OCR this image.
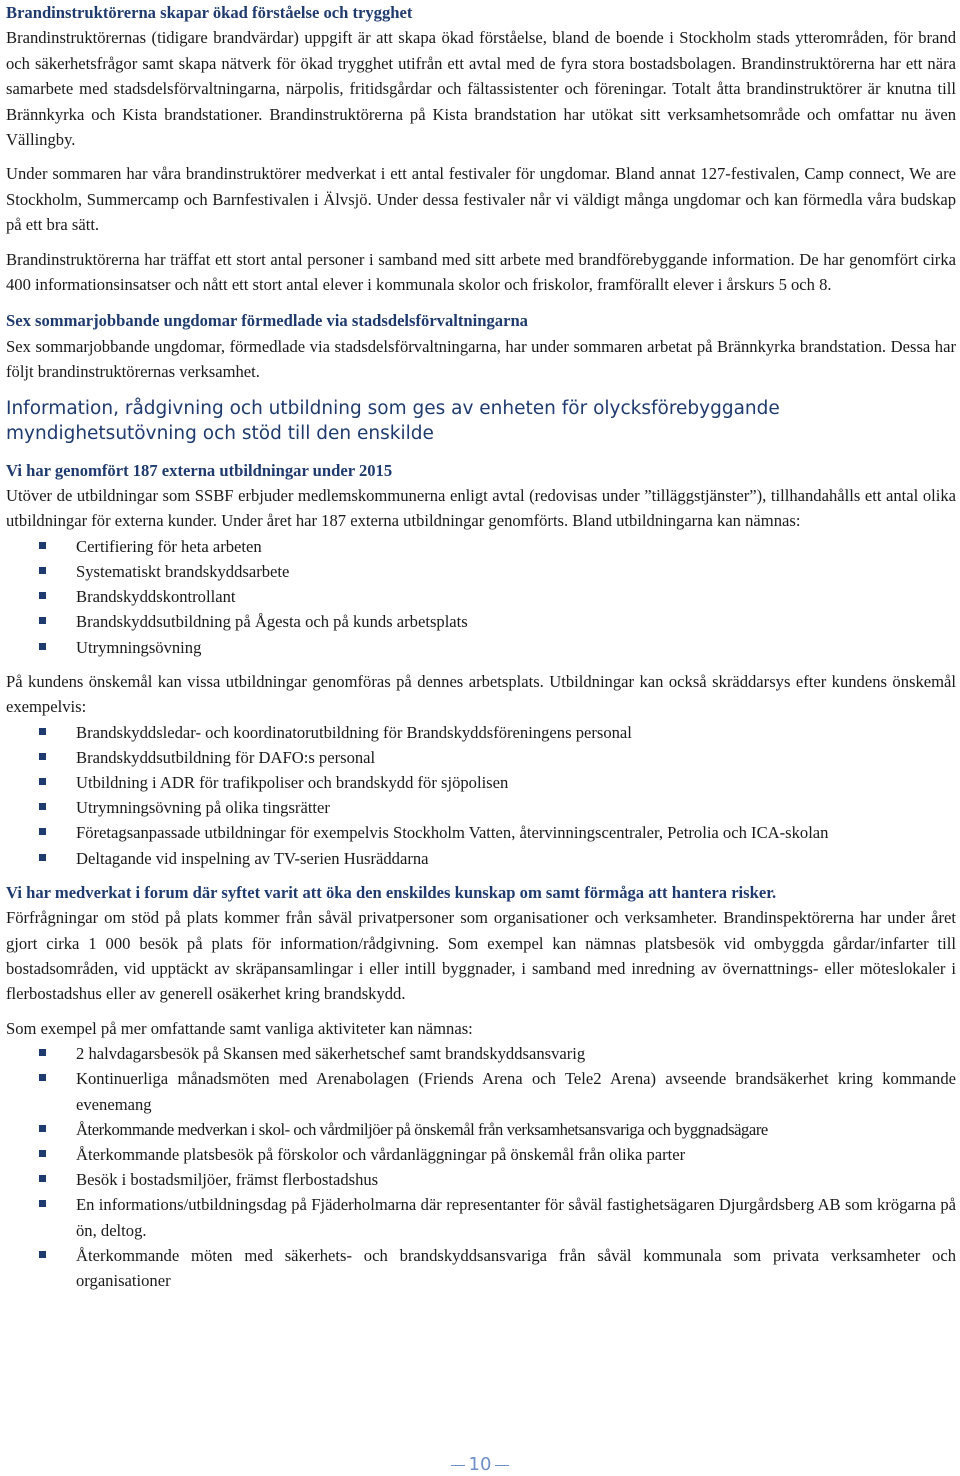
Brandinstruktörerna skapar ökad förståelse och trygghet

Brandinstruktörernas (tidigare brandvärdar) uppgift är att skapa ökad förståelse, bland de boende i Stockholm stads ytterområden, för brand och säkerhetsfrågor samt skapa nätverk för ökad trygghet utifrån ett avtal med de fyra stora bostadsbolagen. Brandinstruktörerna har ett nära samarbete med stadsdelsförvaltningarna, närpolis, fritidsgårdar och fältassistenter och föreningar. Totalt åtta brandinstruktörer är knutna till Brännkyrka och Kista brandstationer. Brandinstruktörerna på Kista brandstation har utökat sitt verksamhetsområde och omfattar nu även Vällingby.

Under sommaren har våra brandinstruktörer medverkat i ett antal festivaler för ungdomar. Bland annat 127-festivalen, Camp connect, We are Stockholm, Summercamp och Barnfestivalen i Älvsjö. Under dessa festivaler når vi väldigt många ungdomar och kan förmedla våra budskap på ett bra sätt.

Brandinstruktörerna har träffat ett stort antal personer i samband med sitt arbete med brandförebyggande information. De har genomfört cirka 400 informationsinsatser och nått ett stort antal elever i kommunala skolor och friskolor, framförallt elever i årskurs 5 och 8.

Sex sommarjobbande ungdomar förmedlade via stadsdelsförvaltningarna

Sex sommarjobbande ungdomar, förmedlade via stadsdelsförvaltningarna, har under sommaren arbetat på Brännkyrka brandstation. Dessa har följt brandinstruktörernas verksamhet.

Information, rådgivning och utbildning som ges av enheten för olycksförebyggande myndighetsutövning och stöd till den enskilde
Vi har genomfört 187 externa utbildningar under 2015

Utöver de utbildningar som SSBF erbjuder medlemskommunerna enligt avtal (redovisas under ”tilläggstjänster”), tillhandahålls ett antal olika utbildningar för externa kunder. Under året har 187 externa utbildningar genomförts. Bland utbildningarna kan nämnas:

Certifiering för heta arbeten
Systematiskt brandskyddsarbete
Brandskyddskontrollant
Brandskyddsutbildning på Ågesta och på kunds arbetsplats
Utrymningsövning

På kundens önskemål kan vissa utbildningar genomföras på dennes arbetsplats. Utbildningar kan också skräddarsys efter kundens önskemål exempelvis:

Brandskyddsledar- och koordinatorutbildning för Brandskyddsföreningens personal
Brandskyddsutbildning för DAFO:s personal
Utbildning i ADR för trafikpoliser och brandskydd för sjöpolisen
Utrymningsövning på olika tingsrätter
Företagsanpassade utbildningar för exempelvis Stockholm Vatten, återvinningscentraler, Petrolia och ICA-skolan
Deltagande vid inspelning av TV-serien Husräddarna
Vi har medverkat i forum där syftet varit att öka den enskildes kunskap om samt förmåga att hantera risker.

Förfrågningar om stöd på plats kommer från såväl privatpersoner som organisationer och verksamheter. Brandinspektörerna har under året gjort cirka 1 000 besök på plats för information/rådgivning. Som exempel kan nämnas platsbesök vid ombyggda gårdar/infarter till bostadsområden, vid upptäckt av skräpansamlingar i eller intill byggnader, i samband med inredning av övernattnings- eller möteslokaler i flerbostadshus eller av generell osäkerhet kring brandskydd.

Som exempel på mer omfattande samt vanliga aktiviteter kan nämnas:

2 halvdagarsbesök på Skansen med säkerhetschef samt brandskyddsansvarig
Kontinuerliga månadsmöten med Arenabolagen (Friends Arena och Tele2 Arena) avseende brandsäkerhet kring kommande evenemang
Återkommande medverkan i skol- och vårdmiljöer på önskemål från verksamhetsansvariga och byggnadsägare
Återkommande platsbesök på förskolor och vårdanläggningar på önskemål från olika parter
Besök i bostadsmiljöer, främst flerbostadshus
En informations/utbildningsdag på Fjäderholmarna där representanter för såväl fastighetsägaren Djurgårdsberg AB som krögarna på ön, deltog.
Återkommande möten med säkerhets- och brandskyddsansvariga från såväl kommunala som privata verksamheter och organisationer
10
